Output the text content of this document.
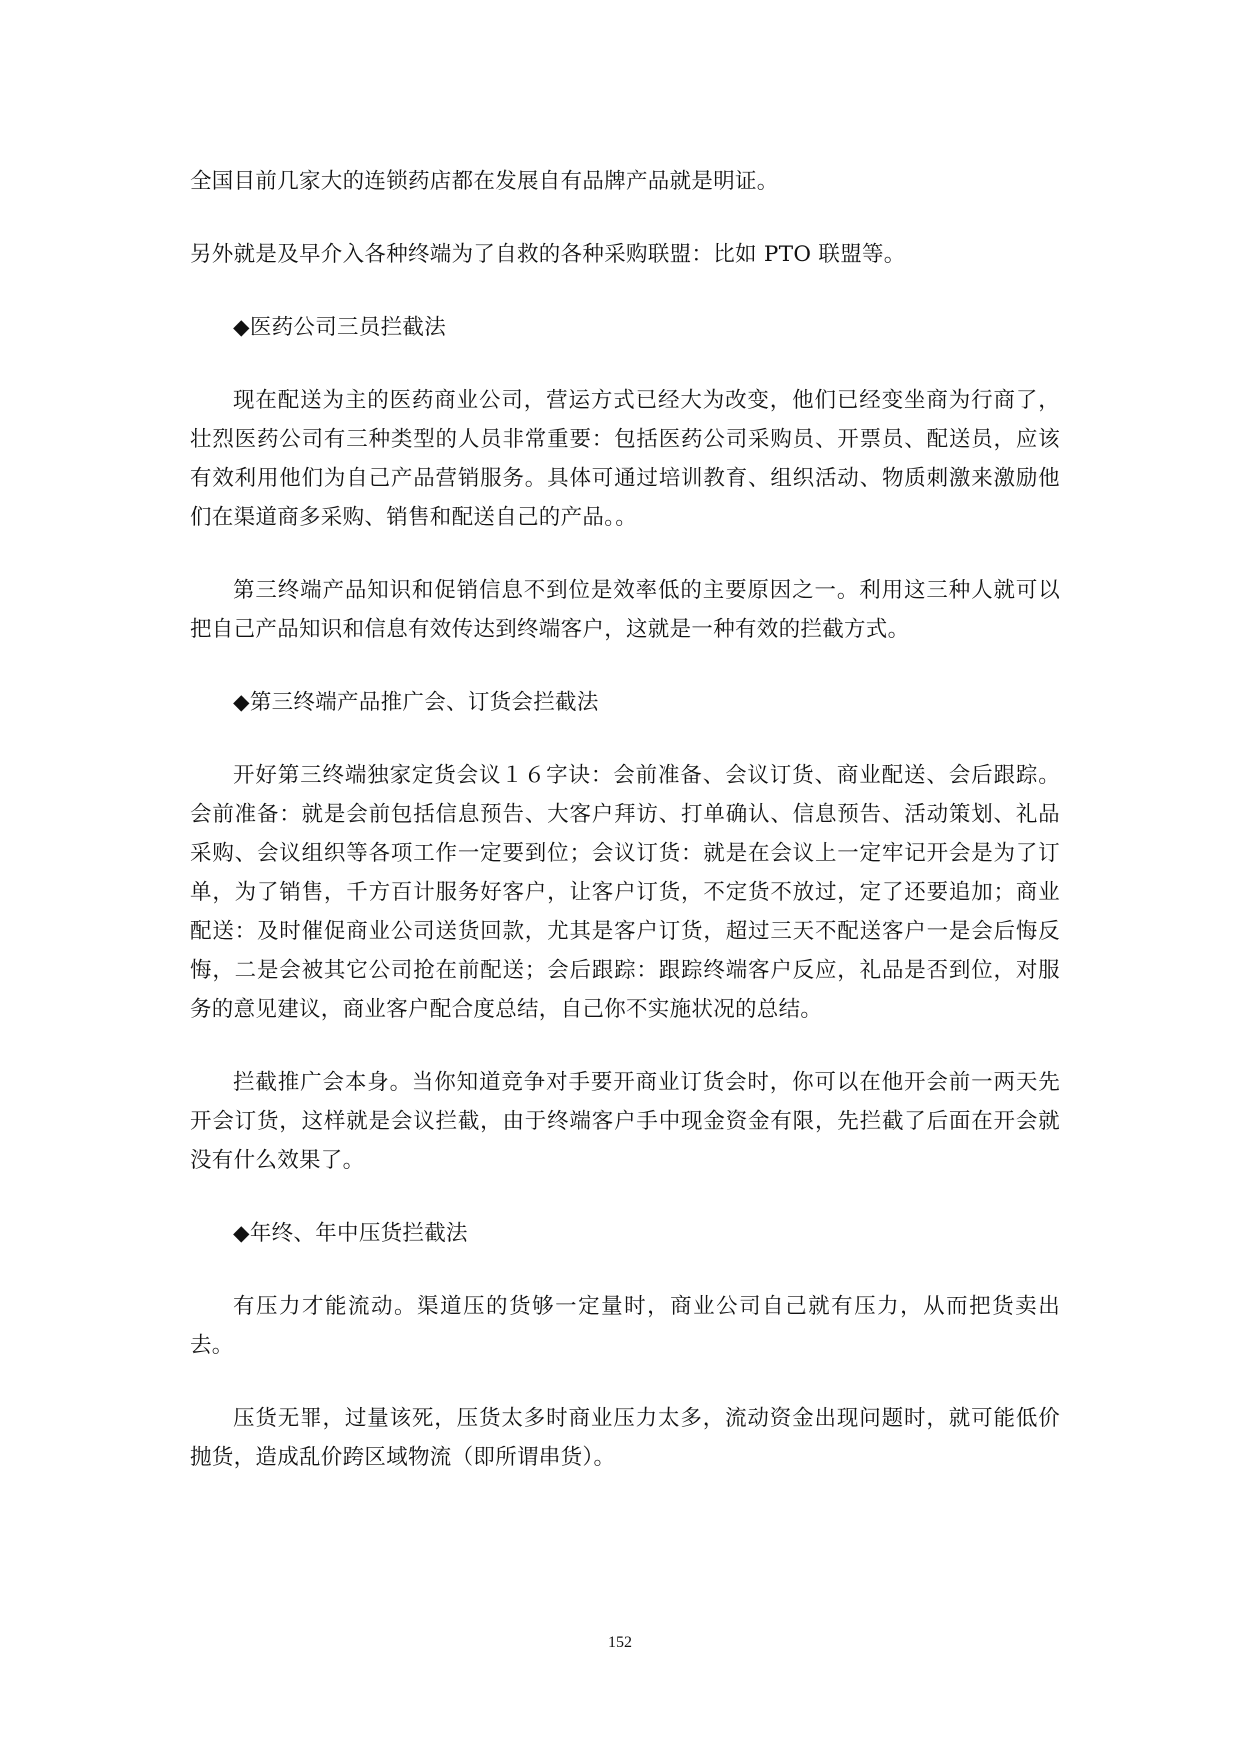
全国目前几家大的连锁药店都在发展自有品牌产品就是明证。

另外就是及早介入各种终端为了自救的各种采购联盟：比如 PTO 联盟等。

◆医药公司三员拦截法

现在配送为主的医药商业公司，营运方式已经大为改变，他们已经变坐商为行商了，壮烈医药公司有三种类型的人员非常重要：包括医药公司采购员、开票员、配送员，应该有效利用他们为自己产品营销服务。具体可通过培训教育、组织活动、物质刺激来激励他们在渠道商多采购、销售和配送自己的产品。。

第三终端产品知识和促销信息不到位是效率低的主要原因之一。利用这三种人就可以把自己产品知识和信息有效传达到终端客户，这就是一种有效的拦截方式。

◆第三终端产品推广会、订货会拦截法

开好第三终端独家定货会议１６字诀：会前准备、会议订货、商业配送、会后跟踪。会前准备：就是会前包括信息预告、大客户拜访、打单确认、信息预告、活动策划、礼品采购、会议组织等各项工作一定要到位；会议订货：就是在会议上一定牢记开会是为了订单，为了销售，千方百计服务好客户，让客户订货，不定货不放过，定了还要追加；商业配送：及时催促商业公司送货回款，尤其是客户订货，超过三天不配送客户一是会后悔反悔，二是会被其它公司抢在前配送；会后跟踪：跟踪终端客户反应，礼品是否到位，对服务的意见建议，商业客户配合度总结，自己你不实施状况的总结。

拦截推广会本身。当你知道竞争对手要开商业订货会时，你可以在他开会前一两天先开会订货，这样就是会议拦截，由于终端客户手中现金资金有限，先拦截了后面在开会就没有什么效果了。

◆年终、年中压货拦截法

有压力才能流动。渠道压的货够一定量时，商业公司自己就有压力，从而把货卖出去。

压货无罪，过量该死，压货太多时商业压力太多，流动资金出现问题时，就可能低价抛货，造成乱价跨区域物流（即所谓串货）。

152
